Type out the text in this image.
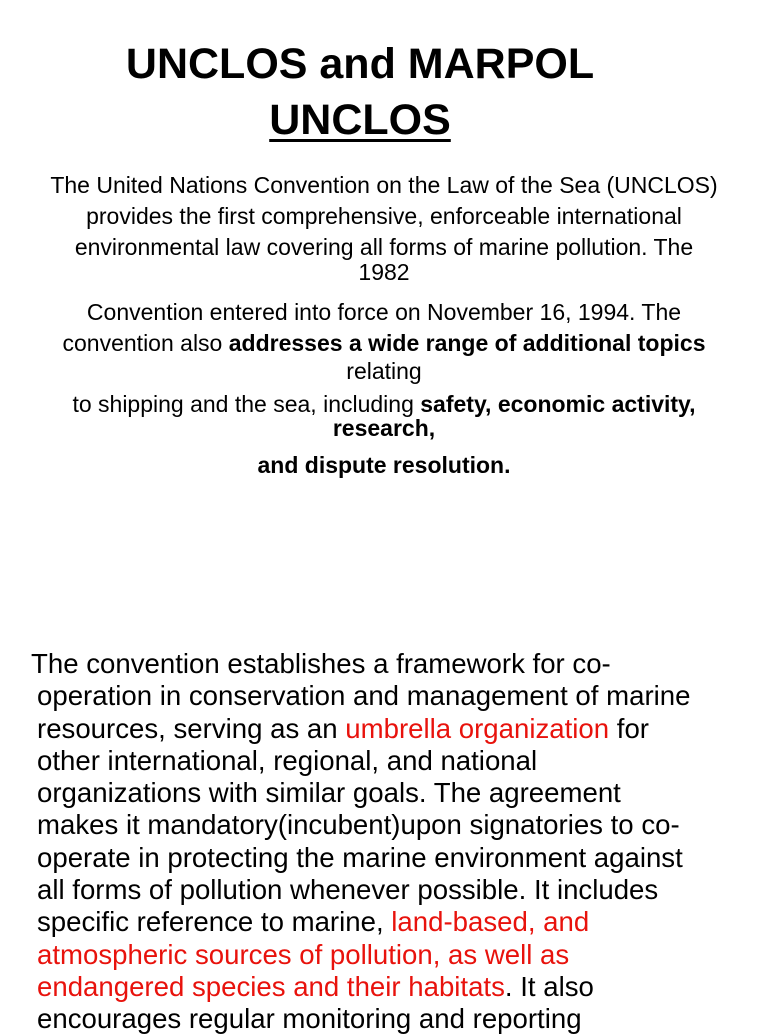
UNCLOS and MARPOL
UNCLOS
The United Nations Convention on the Law of the Sea (UNCLOS)
provides the first comprehensive, enforceable international
environmental law covering all forms of marine pollution. The
1982
Convention entered into force on November 16, 1994. The
convention also addresses a wide range of additional topics
relating
to shipping and the sea, including safety, economic activity,
research,
and dispute resolution.
The convention establishes a framework for co-
operation in conservation and management of marine
resources, serving as an umbrella organization for
other international, regional, and national
organizations with similar goals. The agreement
makes it mandatory(incubent)upon signatories to co-
operate in protecting the marine environment against
all forms of pollution whenever possible. It includes
specific reference to marine, land-based, and
atmospheric sources of pollution, as well as
endangered species and their habitats. It also
encourages regular monitoring and reporting
